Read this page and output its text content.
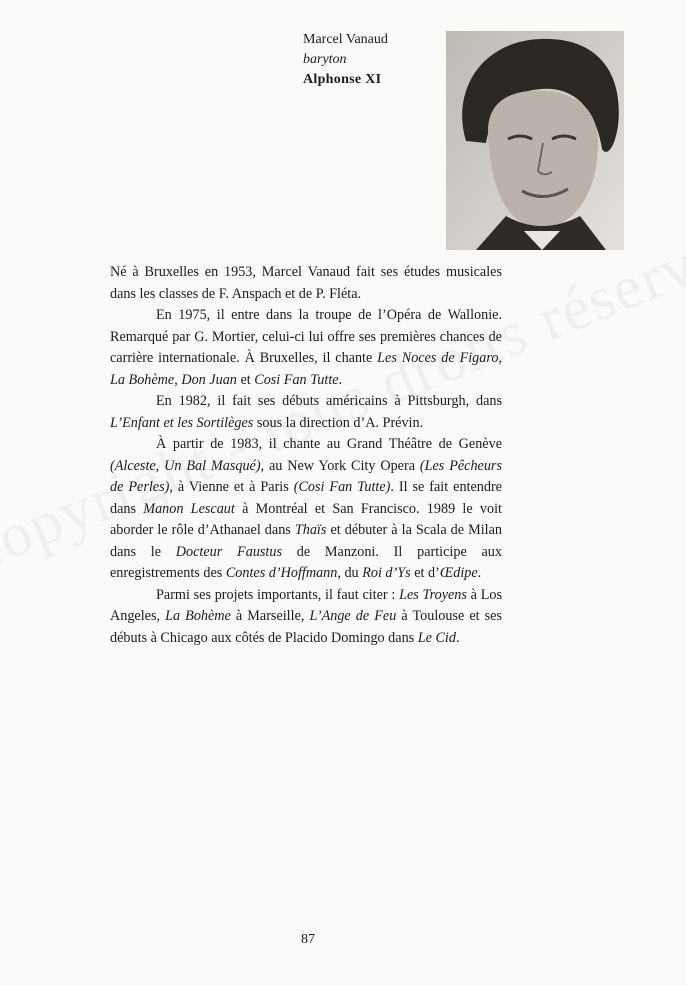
Marcel Vanaud
baryton
Alphonse XI

Né à Bruxelles en 1953, Marcel Vanaud fait ses études musicales dans les classes de F. Anspach et de P. Fléta.

En 1975, il entre dans la troupe de l’Opéra de Wallonie. Remarqué par G. Mortier, celui-ci lui offre ses premières chances de carrière internationale. À Bruxelles, il chante Les Noces de Figaro, La Bohème, Don Juan et Cosi Fan Tutte.

En 1982, il fait ses débuts américains à Pittsburgh, dans L’Enfant et les Sortilèges sous la direction d’A. Prévin.

À partir de 1983, il chante au Grand Théâtre de Genève (Alceste, Un Bal Masqué), au New York City Opera (Les Pêcheurs de Perles), à Vienne et à Paris (Cosi Fan Tutte). Il se fait entendre dans Manon Lescaut à Montréal et San Francisco. 1989 le voit aborder le rôle d’Athanael dans Thaïs et débuter à la Scala de Milan dans le Docteur Faustus de Manzoni. Il participe aux enregistrements des Contes d’Hoffmann, du Roi d’Ys et d’Œdipe.

Parmi ses projets importants, il faut citer : Les Troyens à Los Angeles, La Bohème à Marseille, L’Ange de Feu à Toulouse et ses débuts à Chicago aux côtés de Placido Domingo dans Le Cid.

87
